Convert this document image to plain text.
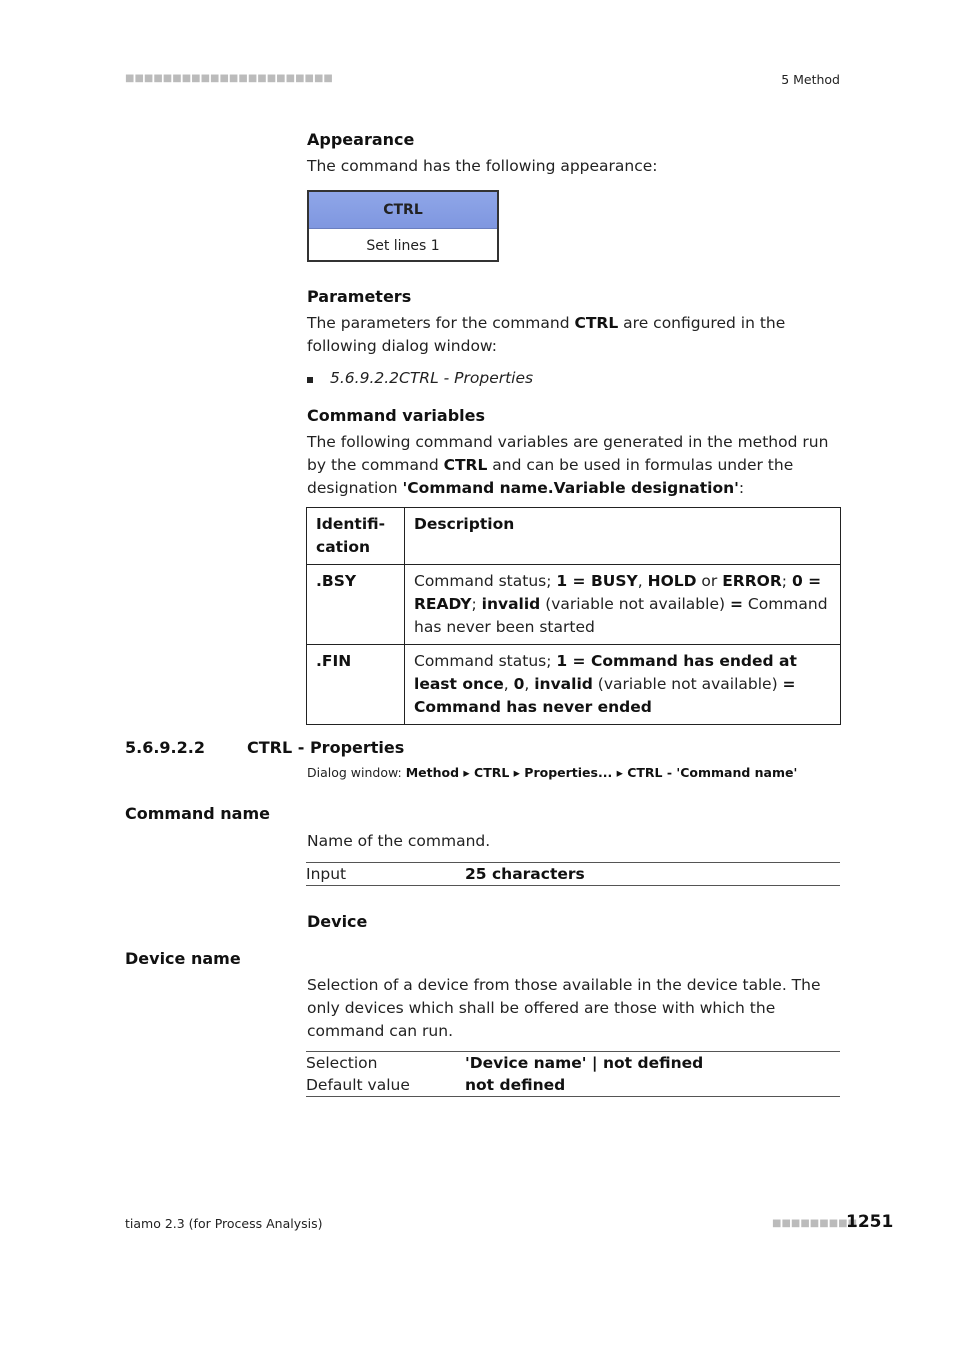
■■■■■■■■■■■■■■■■■■■■■■	5 Method
Appearance

The command has the following appearance:

CTRL
Set lines 1
Parameters

The parameters for the command CTRL are configured in the following dialog window:

5.6.9.2.2CTRL - Properties

Command variables

The following command variables are generated in the method run by the command CTRL and can be used in formulas under the designation 'Command name.Variable designation':

Identifi-
cation	Description
.BSY	Command status; 1 = BUSY, HOLD or ERROR; 0 = READY; invalid (variable not available) = Command has never been started
.FIN	Command status; 1 = Command has ended at least once, 0, invalid (variable not available) = Command has never ended
5.6.9.2.2	CTRL - Properties
Dialog window: Method ▸ CTRL ▸ Properties... ▸ CTRL - 'Command name'
Command name

Name of the command.

Input	25 characters
Device
Device name

Selection of a device from those available in the device table. The only devices which shall be offered are those with which the command can run.

Selection	'Device name' | not defined
Default value	not defined
tiamo 2.3 (for Process Analysis)	■■■■■■■■■
1251
